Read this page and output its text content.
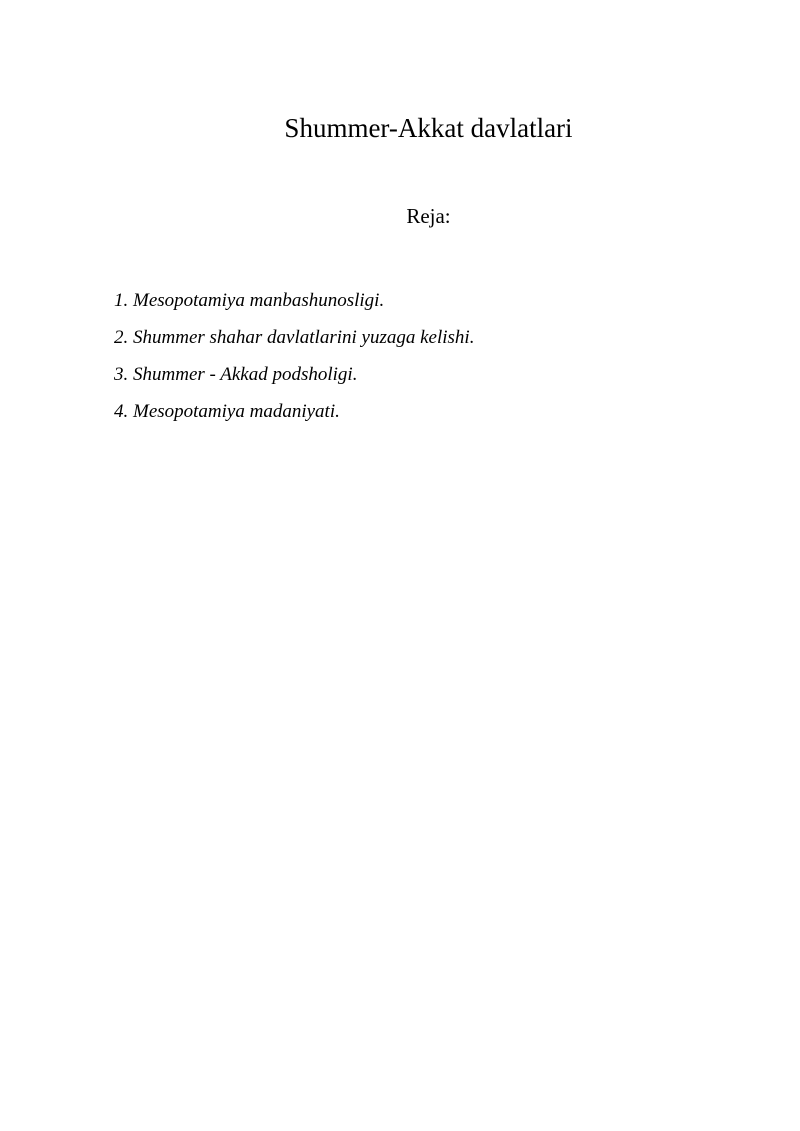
Shummer-Akkat davlatlari
Reja:
1. Mesopotamiya manbashunosligi.
2. Shummer shahar davlatlarini yuzaga kelishi.
3. Shummer - Akkad podsholigi.
4. Mesopotamiya madaniyati.
